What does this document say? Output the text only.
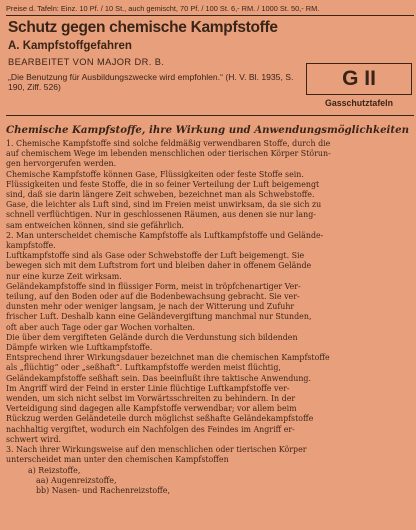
Preise d. Tafeln: Einz. 10 Pf. / 10 St., auch gemischt, 70 Pf. / 100 St. 6,- RM. / 1000 St. 50,- RM.
Schutz gegen chemische Kampfstoffe
A. Kampfstoffgefahren
BEARBEITET VON MAJOR DR. B.
„Die Benutzung für Ausbildungszwecke wird empfohlen.“ (H. V. Bl. 1935, S. 190, Ziff. 526)	G II
Gasschutztafeln
Chemische Kampfstoffe, ihre Wirkung und Anwendungsmöglichkeiten
1. Chemische Kampfstoffe sind solche feldmäßig verwendbaren Stoffe, durch die
auf chemischem Wege im lebenden menschlichen oder tierischen Körper Störun-
gen hervorgerufen werden.
Chemische Kampfstoffe können Gase, Flüssigkeiten oder feste Stoffe sein.
Flüssigkeiten und feste Stoffe, die in so feiner Verteilung der Luft beigemengt
sind, daß sie darin längere Zeit schweben, bezeichnet man als Schwebstoffe.
Gase, die leichter als Luft sind, sind im Freien meist unwirksam, da sie sich zu
schnell verflüchtigen. Nur in geschlossenen Räumen, aus denen sie nur lang-
sam entweichen können, sind sie gefährlich.
2. Man unterscheidet chemische Kampfstoffe als Luftkampfstoffe und Gelände-
kampfstoffe.
Luftkampfstoffe sind als Gase oder Schwebstoffe der Luft beigemengt. Sie
bewegen sich mit dem Luftstrom fort und bleiben daher in offenem Gelände
nur eine kurze Zeit wirksam.
Geländekampfstoffe sind in flüssiger Form, meist in tröpfchenartiger Ver-
teilung, auf den Boden oder auf die Bodenbewachsung gebracht. Sie ver-
dunsten mehr oder weniger langsam, je nach der Witterung und Zufuhr
frischer Luft. Deshalb kann eine Geländevergiftung manchmal nur Stunden,
oft aber auch Tage oder gar Wochen vorhalten.
Die über dem vergifteten Gelände durch die Verdunstung sich bildenden
Dämpfe wirken wie Luftkampfstoffe.
Entsprechend ihrer Wirkungsdauer bezeichnet man die chemischen Kampfstoffe
als „flüchtig“ oder „seßhaft“. Luftkampfstoffe werden meist flüchtig,
Geländekampfstoffe seßhaft sein. Das beeinflußt ihre taktische Anwendung.
Im Angriff wird der Feind in erster Linie flüchtige Luftkampfstoffe ver-
wenden, um sich nicht selbst im Vorwärtsschreiten zu behindern. In der
Verteidigung sind dagegen alle Kampfstoffe verwendbar; vor allem beim
Rückzug werden Geländeteile durch möglichst seßhafte Geländekampfstoffe
nachhaltig vergiftet, wodurch ein Nachfolgen des Feindes im Angriff er-
schwert wird.
3. Nach ihrer Wirkungsweise auf den menschlichen oder tierischen Körper
unterscheidet man unter den chemischen Kampfstoffen
a) Reizstoffe,
aa) Augenreizstoffe,
bb) Nasen- und Rachenreizstoffe,
